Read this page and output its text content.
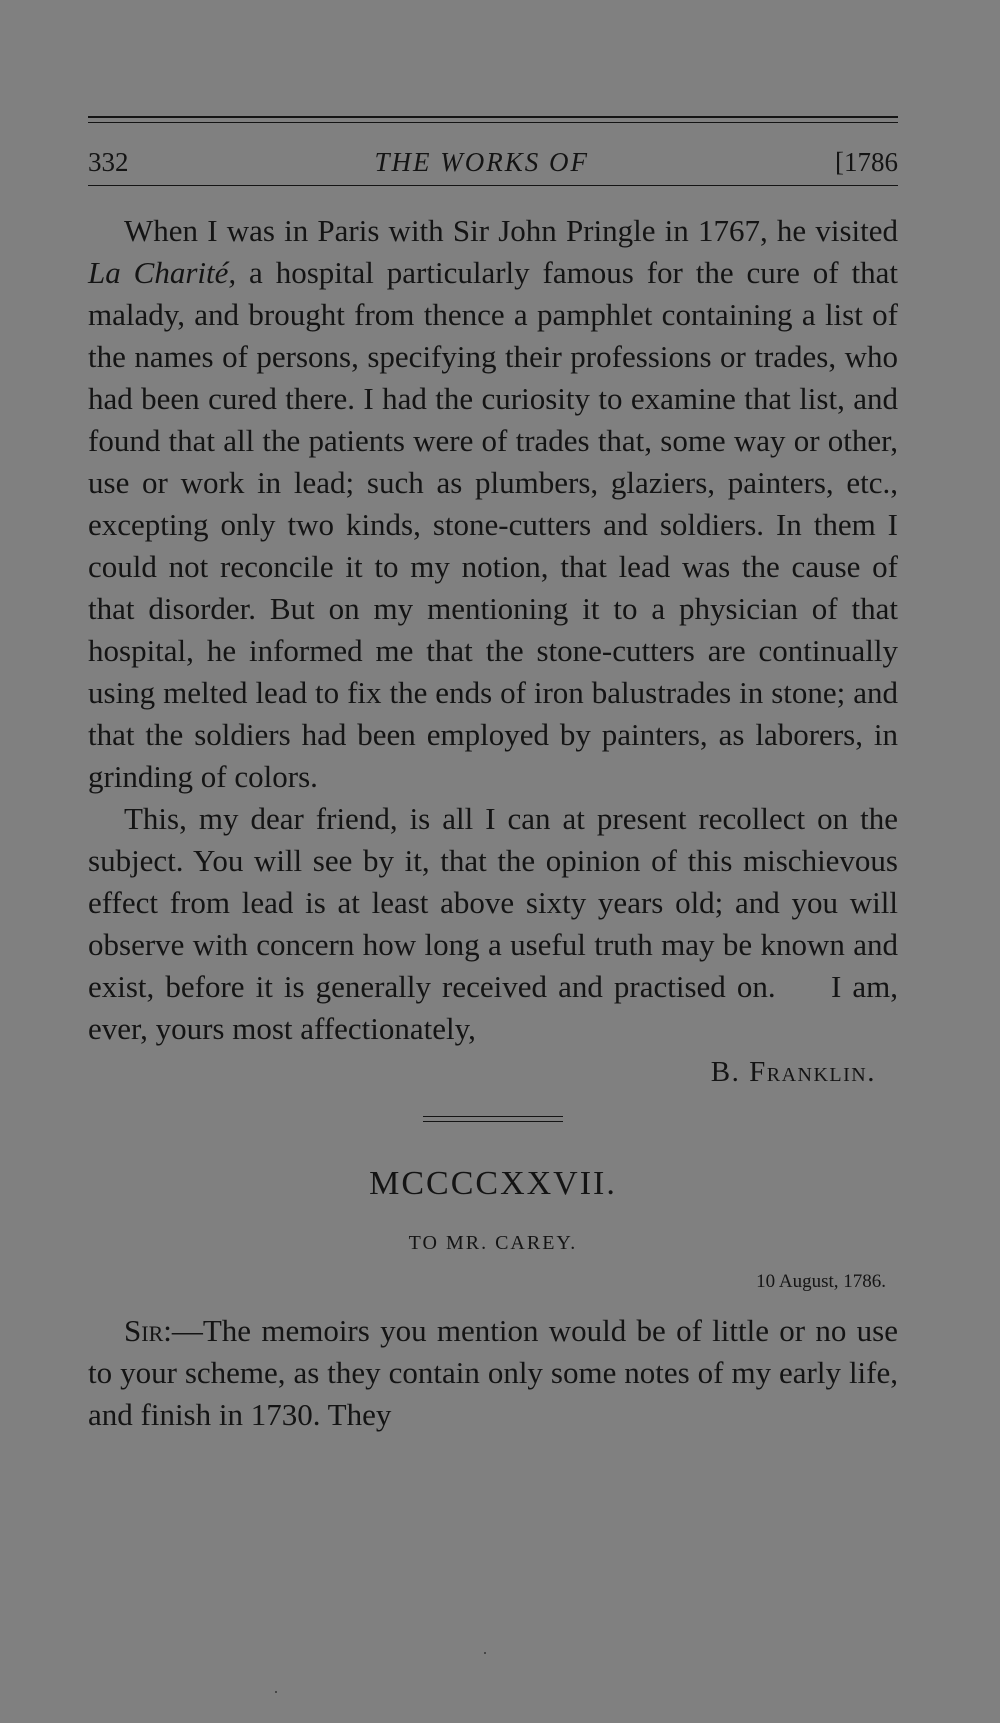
332	THE WORKS OF	[1786

When I was in Paris with Sir John Pringle in 1767, he visited La Charité, a hospital particularly famous for the cure of that malady, and brought from thence a pamphlet containing a list of the names of persons, specifying their professions or trades, who had been cured there. I had the curiosity to examine that list, and found that all the patients were of trades that, some way or other, use or work in lead; such as plumbers, glaziers, painters, etc., excepting only two kinds, stone-cutters and soldiers. In them I could not reconcile it to my notion, that lead was the cause of that disorder. But on my mentioning it to a physician of that hospital, he informed me that the stone-cutters are continually using melted lead to fix the ends of iron balustrades in stone; and that the soldiers had been employed by painters, as laborers, in grinding of colors.

This, my dear friend, is all I can at present recollect on the subject. You will see by it, that the opinion of this mischievous effect from lead is at least above sixty years old; and you will observe with concern how long a useful truth may be known and exist, before it is generally received and practised on.     I am, ever, yours most affectionately,

B. Franklin.
MCCCCXXVII.
TO MR. CAREY.
10 August, 1786.

Sir:—The memoirs you mention would be of little or no use to your scheme, as they contain only some notes of my early life, and finish in 1730. They
